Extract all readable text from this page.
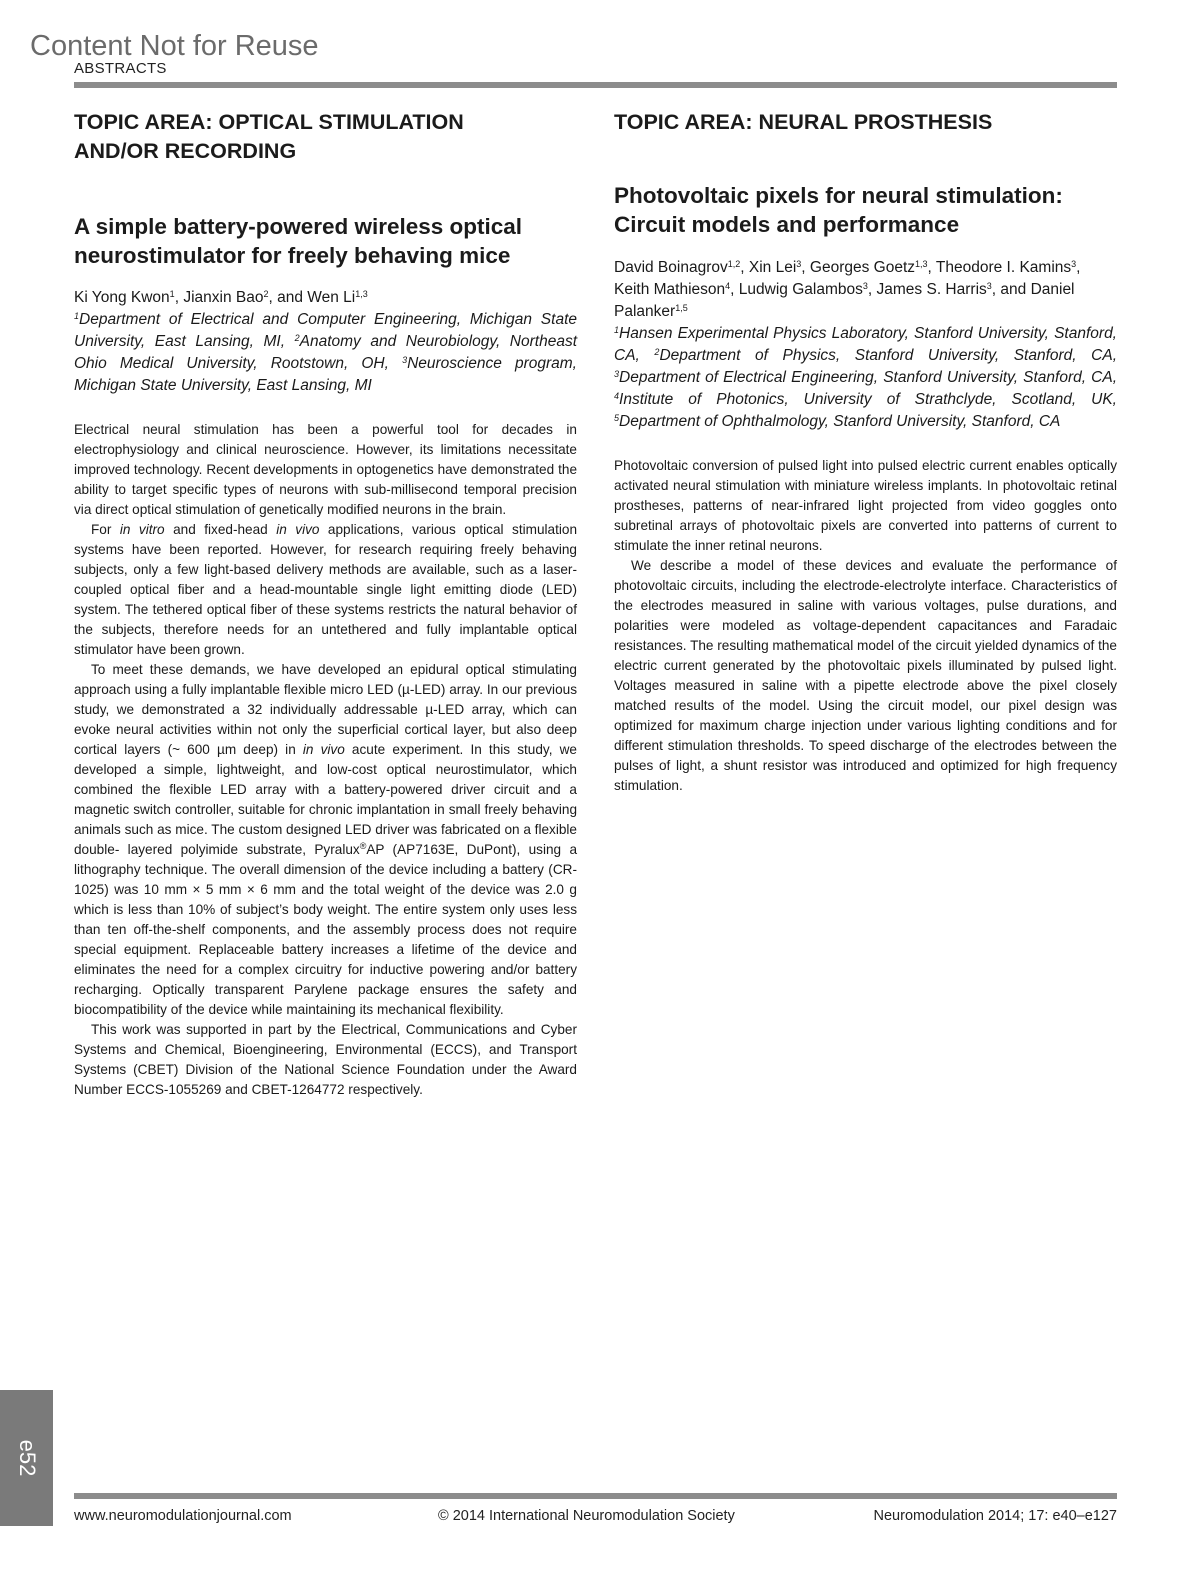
Content Not for Reuse
ABSTRACTS
TOPIC AREA: OPTICAL STIMULATION
AND/OR RECORDING
A simple battery-powered wireless optical
neurostimulator for freely behaving mice

Ki Yong Kwon$^1$, Jianxin Bao$^2$, and Wen Li$^{1,3}$

$^1$Department of Electrical and Computer Engineering, Michigan State University, East Lansing, MI, $^2$Anatomy and Neurobiology, Northeast Ohio Medical University, Rootstown, OH, $^3$Neuroscience program, Michigan State University, East Lansing, MI

Electrical neural stimulation has been a powerful tool for decades in electrophysiology and clinical neuroscience. However, its limitations necessitate improved technology. Recent developments in optogenetics have demonstrated the ability to target specific types of neurons with sub-millisecond temporal precision via direct optical stimulation of genetically modified neurons in the brain.

For in vitro and fixed-head in vivo applications, various optical stimulation systems have been reported. However, for research requiring freely behaving subjects, only a few light-based delivery methods are available, such as a laser-coupled optical fiber and a head-mountable single light emitting diode (LED) system. The tethered optical fiber of these systems restricts the natural behavior of the subjects, therefore needs for an untethered and fully implantable optical stimulator have been grown.

To meet these demands, we have developed an epidural optical stimulating approach using a fully implantable flexible micro LED (µ-LED) array. In our previous study, we demonstrated a 32 individually addressable µ-LED array, which can evoke neural activities within not only the superficial cortical layer, but also deep cortical layers (~ 600 µm deep) in in vivo acute experiment. In this study, we developed a simple, lightweight, and low-cost optical neurostimulator, which combined the flexible LED array with a battery-powered driver circuit and a magnetic switch controller, suitable for chronic implantation in small freely behaving animals such as mice. The custom designed LED driver was fabricated on a flexible double- layered polyimide substrate, Pyralux®AP (AP7163E, DuPont), using a lithography technique. The overall dimension of the device including a battery (CR-1025) was 10 mm × 5 mm × 6 mm and the total weight of the device was 2.0 g which is less than 10% of subject’s body weight. The entire system only uses less than ten off-the-shelf components, and the assembly process does not require special equipment. Replaceable battery increases a lifetime of the device and eliminates the need for a complex circuitry for inductive powering and/or battery recharging. Optically transparent Parylene package ensures the safety and biocompatibility of the device while maintaining its mechanical flexibility.

This work was supported in part by the Electrical, Communications and Cyber Systems and Chemical, Bioengineering, Environmental (ECCS), and Transport Systems (CBET) Division of the National Science Foundation under the Award Number ECCS-1055269 and CBET-1264772 respectively.

TOPIC AREA: NEURAL PROSTHESIS
Photovoltaic pixels for neural stimulation:
Circuit models and performance

David Boinagrov$^{1,2}$, Xin Lei$^3$, Georges Goetz$^{1,3}$, Theodore I. Kamins$^3$, Keith Mathieson$^4$, Ludwig Galambos$^3$, James S. Harris$^3$, and Daniel Palanker$^{1,5}$

$^1$Hansen Experimental Physics Laboratory, Stanford University, Stanford, CA, $^2$Department of Physics, Stanford University, Stanford, CA, $^3$Department of Electrical Engineering, Stanford University, Stanford, CA, $^4$Institute of Photonics, University of Strathclyde, Scotland, UK, $^5$Department of Ophthalmology, Stanford University, Stanford, CA

Photovoltaic conversion of pulsed light into pulsed electric current enables optically activated neural stimulation with miniature wireless implants. In photovoltaic retinal prostheses, patterns of near-infrared light projected from video goggles onto subretinal arrays of photovoltaic pixels are converted into patterns of current to stimulate the inner retinal neurons.

We describe a model of these devices and evaluate the performance of photovoltaic circuits, including the electrode-electrolyte interface. Characteristics of the electrodes measured in saline with various voltages, pulse durations, and polarities were modeled as voltage-dependent capacitances and Faradaic resistances. The resulting mathematical model of the circuit yielded dynamics of the electric current generated by the photovoltaic pixels illuminated by pulsed light. Voltages measured in saline with a pipette electrode above the pixel closely matched results of the model. Using the circuit model, our pixel design was optimized for maximum charge injection under various lighting conditions and for different stimulation thresholds. To speed discharge of the electrodes between the pulses of light, a shunt resistor was introduced and optimized for high frequency stimulation.

e52
www.neuromodulationjournal.com	© 2014 International Neuromodulation Society	Neuromodulation 2014; 17: e40–e127
